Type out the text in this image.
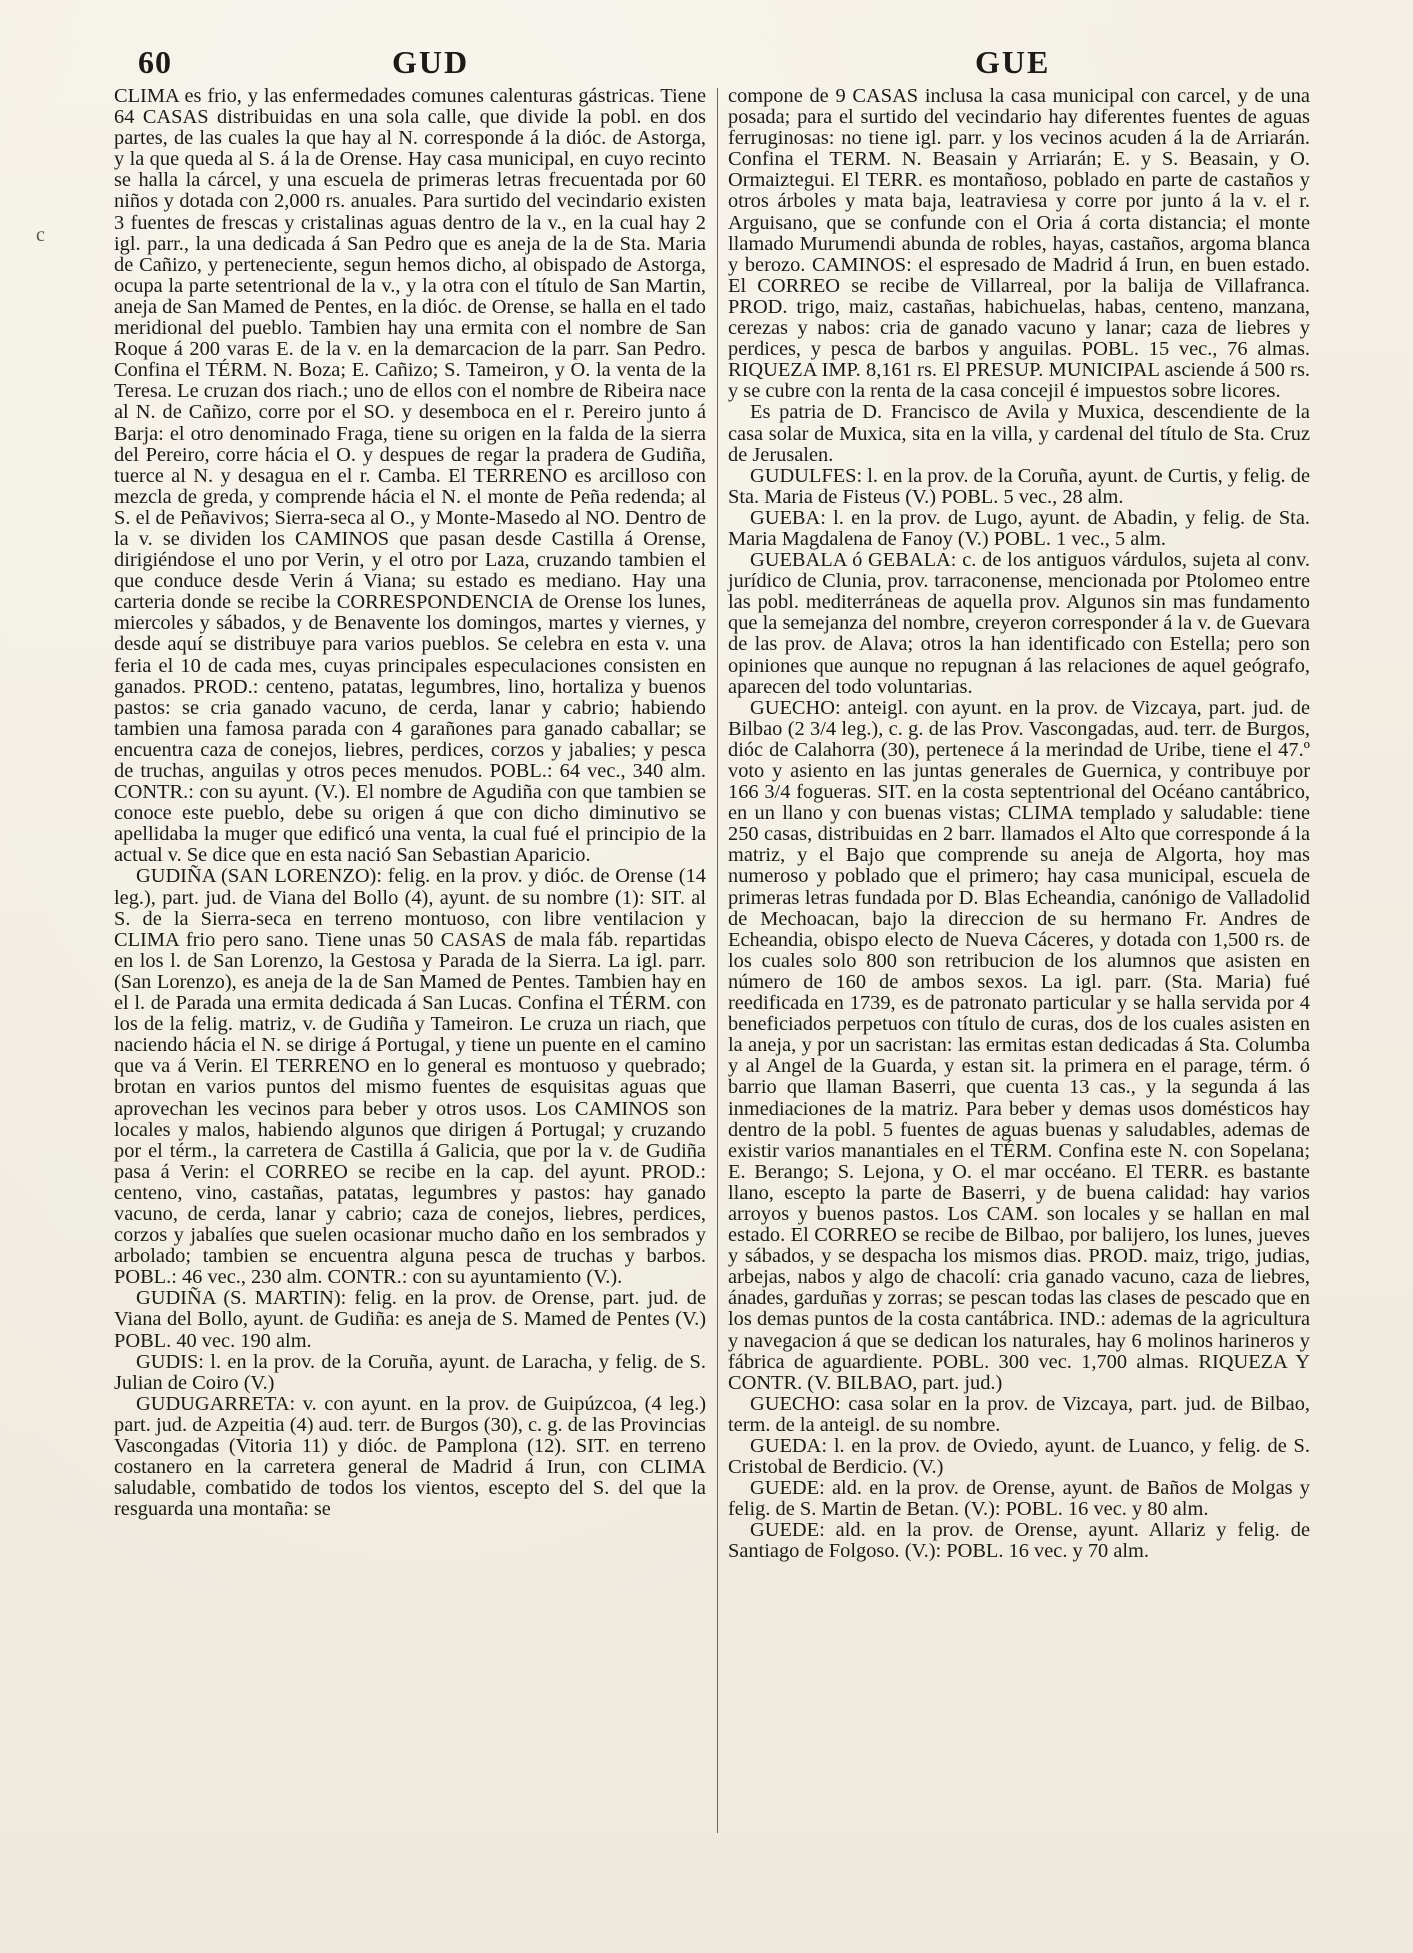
60	GUD	GUE
c

CLIMA es frio, y las enfermedades comunes calenturas gástricas. Tiene 64 CASAS distribuidas en una sola calle, que divide la pobl. en dos partes, de las cuales la que hay al N. corresponde á la dióc. de Astorga, y la que queda al S. á la de Orense. Hay casa municipal, en cuyo recinto se halla la cárcel, y una escuela de primeras letras frecuentada por 60 niños y dotada con 2,000 rs. anuales. Para surtido del vecindario existen 3 fuentes de frescas y cristalinas aguas dentro de la v., en la cual hay 2 igl. parr., la una dedicada á San Pedro que es aneja de la de Sta. Maria de Cañizo, y perteneciente, segun hemos dicho, al obispado de Astorga, ocupa la parte setentrional de la v., y la otra con el título de San Martin, aneja de San Mamed de Pentes, en la dióc. de Orense, se halla en el tado meridional del pueblo. Tambien hay una ermita con el nombre de San Roque á 200 varas E. de la v. en la demarcacion de la parr. San Pedro. Confina el TÉRM. N. Boza; E. Cañizo; S. Tameiron, y O. la venta de la Teresa. Le cruzan dos riach.; uno de ellos con el nombre de Ribeira nace al N. de Cañizo, corre por el SO. y desemboca en el r. Pereiro junto á Barja: el otro denominado Fraga, tiene su origen en la falda de la sierra del Pereiro, corre hácia el O. y despues de regar la pradera de Gudiña, tuerce al N. y desagua en el r. Camba. El TERRENO es arcilloso con mezcla de greda, y comprende hácia el N. el monte de Peña redenda; al S. el de Peñavivos; Sierra-seca al O., y Monte-Masedo al NO. Dentro de la v. se dividen los CAMINOS que pasan desde Castilla á Orense, dirigiéndose el uno por Verin, y el otro por Laza, cruzando tambien el que conduce desde Verin á Viana; su estado es mediano. Hay una carteria donde se recibe la CORRESPONDENCIA de Orense los lunes, miercoles y sábados, y de Benavente los domingos, martes y viernes, y desde aquí se distribuye para varios pueblos. Se celebra en esta v. una feria el 10 de cada mes, cuyas principales especulaciones consisten en ganados. PROD.: centeno, patatas, legumbres, lino, hortaliza y buenos pastos: se cria ganado vacuno, de cerda, lanar y cabrio; habiendo tambien una famosa parada con 4 garañones para ganado caballar; se encuentra caza de conejos, liebres, perdices, corzos y jabalies; y pesca de truchas, anguilas y otros peces menudos. POBL.: 64 vec., 340 alm. CONTR.: con su ayunt. (V.). El nombre de Agudiña con que tambien se conoce este pueblo, debe su origen á que con dicho diminutivo se apellidaba la muger que edificó una venta, la cual fué el principio de la actual v. Se dice que en esta nació San Sebastian Aparicio.

GUDIÑA (SAN LORENZO): felig. en la prov. y dióc. de Orense (14 leg.), part. jud. de Viana del Bollo (4), ayunt. de su nombre (1): SIT. al S. de la Sierra-seca en terreno montuoso, con libre ventilacion y CLIMA frio pero sano. Tiene unas 50 CASAS de mala fáb. repartidas en los l. de San Lorenzo, la Gestosa y Parada de la Sierra. La igl. parr. (San Lorenzo), es aneja de la de San Mamed de Pentes. Tambien hay en el l. de Parada una ermita dedicada á San Lucas. Confina el TÉRM. con los de la felig. matriz, v. de Gudiña y Tameiron. Le cruza un riach, que naciendo hácia el N. se dirige á Portugal, y tiene un puente en el camino que va á Verin. El TERRENO en lo general es montuoso y quebrado; brotan en varios puntos del mismo fuentes de esquisitas aguas que aprovechan les vecinos para beber y otros usos. Los CAMINOS son locales y malos, habiendo algunos que dirigen á Portugal; y cruzando por el térm., la carretera de Castilla á Galicia, que por la v. de Gudiña pasa á Verin: el CORREO se recibe en la cap. del ayunt. PROD.: centeno, vino, castañas, patatas, legumbres y pastos: hay ganado vacuno, de cerda, lanar y cabrio; caza de conejos, liebres, perdices, corzos y jabalíes que suelen ocasionar mucho daño en los sembrados y arbolado; tambien se encuentra alguna pesca de truchas y barbos. POBL.: 46 vec., 230 alm. CONTR.: con su ayuntamiento (V.).

GUDIÑA (S. MARTIN): felig. en la prov. de Orense, part. jud. de Viana del Bollo, ayunt. de Gudiña: es aneja de S. Mamed de Pentes (V.) POBL. 40 vec. 190 alm.

GUDIS: l. en la prov. de la Coruña, ayunt. de Laracha, y felig. de S. Julian de Coiro (V.)

GUDUGARRETA: v. con ayunt. en la prov. de Guipúzcoa, (4 leg.) part. jud. de Azpeitia (4) aud. terr. de Burgos (30), c. g. de las Provincias Vascongadas (Vitoria 11) y dióc. de Pamplona (12). SIT. en terreno costanero en la carretera general de Madrid á Irun, con CLIMA saludable, combatido de todos los vientos, escepto del S. del que la resguarda una montaña: se

compone de 9 CASAS inclusa la casa municipal con carcel, y de una posada; para el surtido del vecindario hay diferentes fuentes de aguas ferruginosas: no tiene igl. parr. y los vecinos acuden á la de Arriarán. Confina el TERM. N. Beasain y Arriarán; E. y S. Beasain, y O. Ormaiztegui. El TERR. es montañoso, poblado en parte de castaños y otros árboles y mata baja, leatraviesa y corre por junto á la v. el r. Arguisano, que se confunde con el Oria á corta distancia; el monte llamado Murumendi abunda de robles, hayas, castaños, argoma blanca y berozo. CAMINOS: el espresado de Madrid á Irun, en buen estado. El CORREO se recibe de Villarreal, por la balija de Villafranca. PROD. trigo, maiz, castañas, habichuelas, habas, centeno, manzana, cerezas y nabos: cria de ganado vacuno y lanar; caza de liebres y perdices, y pesca de barbos y anguilas. POBL. 15 vec., 76 almas. RIQUEZA IMP. 8,161 rs. El PRESUP. MUNICIPAL asciende á 500 rs. y se cubre con la renta de la casa concejil é impuestos sobre licores.

Es patria de D. Francisco de Avila y Muxica, descendiente de la casa solar de Muxica, sita en la villa, y cardenal del título de Sta. Cruz de Jerusalen.

GUDULFES: l. en la prov. de la Coruña, ayunt. de Curtis, y felig. de Sta. Maria de Fisteus (V.) POBL. 5 vec., 28 alm.

GUEBA: l. en la prov. de Lugo, ayunt. de Abadin, y felig. de Sta. Maria Magdalena de Fanoy (V.) POBL. 1 vec., 5 alm.

GUEBALA ó GEBALA: c. de los antiguos várdulos, sujeta al conv. jurídico de Clunia, prov. tarraconense, mencionada por Ptolomeo entre las pobl. mediterráneas de aquella prov. Algunos sin mas fundamento que la semejanza del nombre, creyeron corresponder á la v. de Guevara de las prov. de Alava; otros la han identificado con Estella; pero son opiniones que aunque no repugnan á las relaciones de aquel geógrafo, aparecen del todo voluntarias.

GUECHO: anteigl. con ayunt. en la prov. de Vizcaya, part. jud. de Bilbao (2 3/4 leg.), c. g. de las Prov. Vascongadas, aud. terr. de Burgos, dióc de Calahorra (30), pertenece á la merindad de Uribe, tiene el 47.º voto y asiento en las juntas generales de Guernica, y contribuye por 166 3/4 fogueras. SIT. en la costa septentrional del Océano cantábrico, en un llano y con buenas vistas; CLIMA templado y saludable: tiene 250 casas, distribuidas en 2 barr. llamados el Alto que corresponde á la matriz, y el Bajo que comprende su aneja de Algorta, hoy mas numeroso y poblado que el primero; hay casa municipal, escuela de primeras letras fundada por D. Blas Echeandia, canónigo de Valladolid de Mechoacan, bajo la direccion de su hermano Fr. Andres de Echeandia, obispo electo de Nueva Cáceres, y dotada con 1,500 rs. de los cuales solo 800 son retribucion de los alumnos que asisten en número de 160 de ambos sexos. La igl. parr. (Sta. Maria) fué reedificada en 1739, es de patronato particular y se halla servida por 4 beneficiados perpetuos con título de curas, dos de los cuales asisten en la aneja, y por un sacristan: las ermitas estan dedicadas á Sta. Columba y al Angel de la Guarda, y estan sit. la primera en el parage, térm. ó barrio que llaman Baserri, que cuenta 13 cas., y la segunda á las inmediaciones de la matriz. Para beber y demas usos domésticos hay dentro de la pobl. 5 fuentes de aguas buenas y saludables, ademas de existir varios manantiales en el TÉRM. Confina este N. con Sopelana; E. Berango; S. Lejona, y O. el mar occéano. El TERR. es bastante llano, escepto la parte de Baserri, y de buena calidad: hay varios arroyos y buenos pastos. Los CAM. son locales y se hallan en mal estado. El CORREO se recibe de Bilbao, por balijero, los lunes, jueves y sábados, y se despacha los mismos dias. PROD. maiz, trigo, judias, arbejas, nabos y algo de chacolí: cria ganado vacuno, caza de liebres, ánades, garduñas y zorras; se pescan todas las clases de pescado que en los demas puntos de la costa cantábrica. IND.: ademas de la agricultura y navegacion á que se dedican los naturales, hay 6 molinos harineros y fábrica de aguardiente. POBL. 300 vec. 1,700 almas. RIQUEZA Y CONTR. (V. BILBAO, part. jud.)

GUECHO: casa solar en la prov. de Vizcaya, part. jud. de Bilbao, term. de la anteigl. de su nombre.

GUEDA: l. en la prov. de Oviedo, ayunt. de Luanco, y felig. de S. Cristobal de Berdicio. (V.)

GUEDE: ald. en la prov. de Orense, ayunt. de Baños de Molgas y felig. de S. Martin de Betan. (V.): POBL. 16 vec. y 80 alm.

GUEDE: ald. en la prov. de Orense, ayunt. Allariz y felig. de Santiago de Folgoso. (V.): POBL. 16 vec. y 70 alm.
